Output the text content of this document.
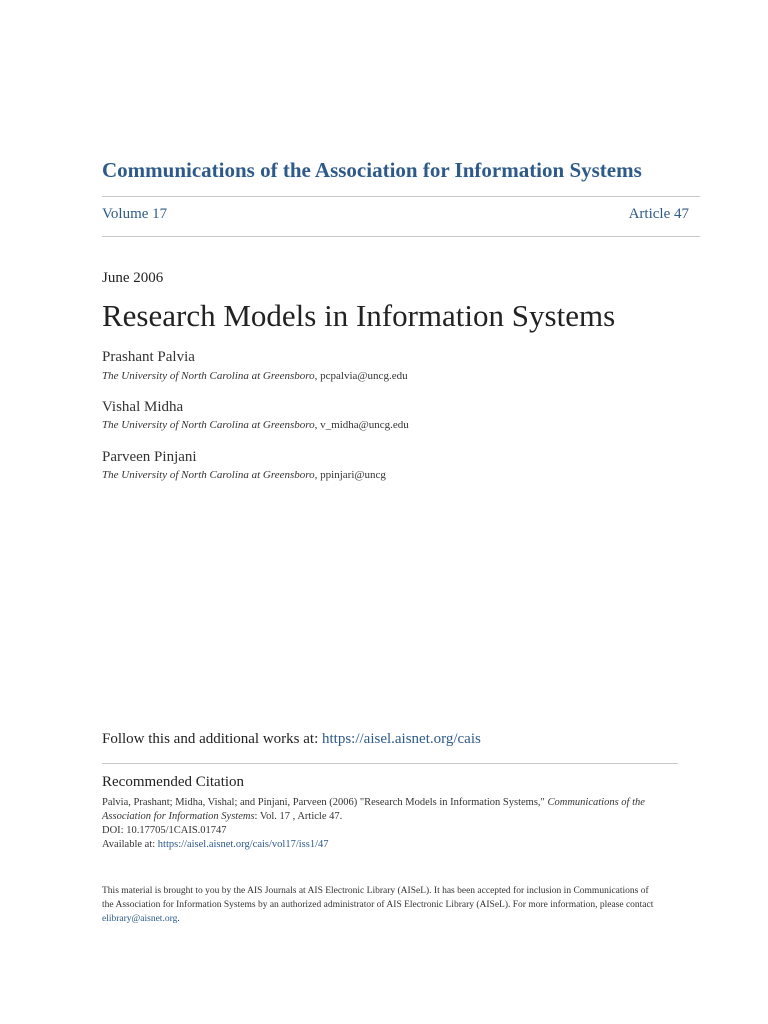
Communications of the Association for Information Systems
Volume 17	Article 47
June 2006
Research Models in Information Systems
Prashant Palvia
The University of North Carolina at Greensboro, pcpalvia@uncg.edu
Vishal Midha
The University of North Carolina at Greensboro, v_midha@uncg.edu
Parveen Pinjani
The University of North Carolina at Greensboro, ppinjari@uncg
Follow this and additional works at: https://aisel.aisnet.org/cais
Recommended Citation
Palvia, Prashant; Midha, Vishal; and Pinjani, Parveen (2006) "Research Models in Information Systems," Communications of the Association for Information Systems: Vol. 17 , Article 47.
DOI: 10.17705/1CAIS.01747
Available at: https://aisel.aisnet.org/cais/vol17/iss1/47
This material is brought to you by the AIS Journals at AIS Electronic Library (AISeL). It has been accepted for inclusion in Communications of the Association for Information Systems by an authorized administrator of AIS Electronic Library (AISeL). For more information, please contact elibrary@aisnet.org.
